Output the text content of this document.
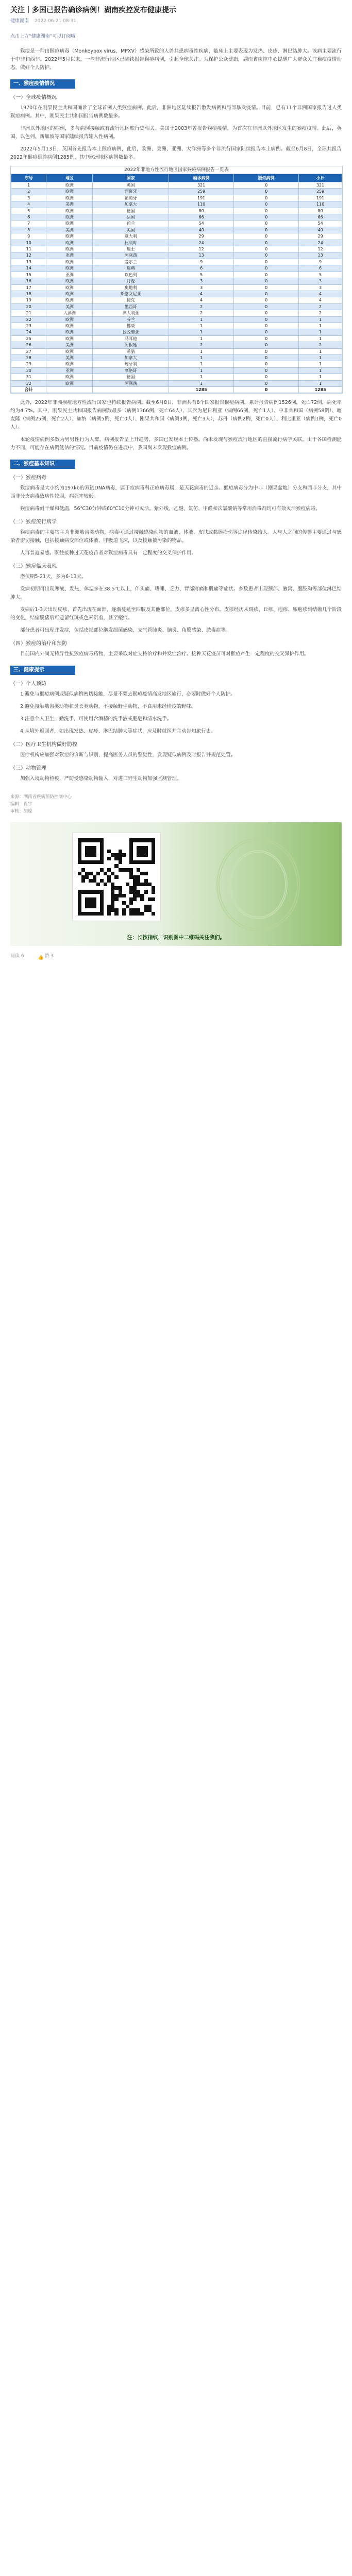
关注丨多国已报告确诊病例！湖南疾控发布健康提示
健康湖南 2022-06-21 08:31
点击上方“健康湖南”可以订阅哦
猴痘是一种由猴痘病毒（Monkeypox virus，MPXV）感染所致的人兽共患病毒性疾病，临床上主要表现为发热、皮疹、淋巴结肿大。该病主要流行于中非和西非。2022年5月以来，一些非流行地区已陆续报告猴痘病例，引起全球关注。为保护公众健康，湖南省疾控中心提醒广大群众关注猴痘疫情动态，做好个人防护。
一、猴痘疫情情况
（一）全球疫情概况
1970年在刚果民主共和国确诊了全球首例人类猴痘病例。此后，非洲地区陆续报告散发病例和局部暴发疫情。目前，已有11个非洲国家报告过人类猴痘病例。其中，刚果民主共和国报告病例数最多。
非洲以外地区的病例，多与病例接触或有流行地区旅行史相关。美国于2003年曾报告猴痘疫情，为首次在非洲以外地区发生的猴痘疫情。此后，英国、以色列、新加坡等国家陆续报告输入性病例。
2022年5月13日，英国首先报告本土猴痘病例，此后，欧洲、美洲、亚洲、大洋洲等多个非流行国家陆续报告本土病例。截至6月8日，全球共报告2022年猴痘确诊病例1285例，其中欧洲地区病例数最多。
2022年非地方性流行地区国家猴痘病例报告一览表
序号	地区	国家	确诊病例	疑似病例	小计
1	欧洲	英国	321	0	321
2	欧洲	西班牙	259	0	259
3	欧洲	葡萄牙	191	0	191
4	美洲	加拿大	110	0	110
5	欧洲	德国	80	0	80
6	欧洲	法国	66	0	66
7	欧洲	荷兰	54	0	54
8	美洲	美国	40	0	40
9	欧洲	意大利	29	0	29
10	欧洲	比利时	24	0	24
11	欧洲	瑞士	12	0	12
12	亚洲	阿联酋	13	0	13
13	欧洲	爱尔兰	9	0	9
14	欧洲	瑞典	6	0	6
15	亚洲	以色列	5	0	5
16	欧洲	丹麦	3	0	3
17	欧洲	奥地利	3	0	3
18	欧洲	斯洛文尼亚	4	0	4
19	欧洲	捷克	4	0	4
20	美洲	墨西哥	2	0	2
21	大洋洲	澳大利亚	2	0	2
22	欧洲	芬兰	1	0	1
23	欧洲	挪威	1	0	1
24	欧洲	拉脱维亚	1	0	1
25	欧洲	马耳他	1	0	1
26	美洲	阿根廷	2	0	2
27	欧洲	希腊	1	0	1
28	美洲	加拿大	1	0	1
29	欧洲	匈牙利	1	0	1
30	亚洲	摩洛哥	1	0	1
31	欧洲	德国	1	0	1
32	欧洲	阿联酋	1	0	1
合计			1285	0	1285
此外，2022年非洲猴痘地方性流行国家也持续报告病例。截至6月8日，非洲共有8个国家报告猴痘病例，累计报告病例1526例，死亡72例，病死率约为4.7%。其中，刚果民主共和国报告病例数最多（病例1366例，死亡64人），其次为尼日利亚（病例66例，死亡1人）、中非共和国（病例58例）、喀麦隆（病例25例，死亡2人）、加纳（病例5例，死亡0人）、刚果共和国（病例3例，死亡3人），苏丹（病例2例，死亡0人）、利比里亚（病例1例，死亡0人）。
本轮疫情病例多数为男男性行为人群，病例报告呈上升趋势，多国已发现本土传播。尚未发现与猴痘流行地区的直接流行病学关联。由于各国检测能力不同，可能存在病例低估的情况。目前疫情仍在进展中，我国尚未发现猴痘病例。
二、猴痘基本知识
（一）猴痘病毒
猴痘病毒是大小约为197kb的双链DNA病毒，属于痘病毒科正痘病毒属，是天花病毒的近亲。猴痘病毒分为中非（刚果盆地）分支和西非分支，其中西非分支病毒致病性较弱，病死率较低。
猴痘病毒耐干燥和低温，56℃30分钟或60℃10分钟可灭活。紫外线、乙醚、氯仿、甲醛和次氯酸钠等常用消毒剂均可有效灭活猴痘病毒。
（二）猴痘流行病学
猴痘病毒的主要宿主为非洲啮齿类动物，病毒可通过接触感染动物的血液、体液、皮肤或黏膜损伤等途径传染给人。人与人之间的传播主要通过与感染者密切接触，包括接触病变部位或体液、呼吸道飞沫，以及接触被污染的物品。
人群普遍易感。既往接种过天花疫苗者对猴痘病毒具有一定程度的交叉保护作用。
（三）猴痘临床表现
潜伏期5-21天，多为6-13天。
发病初期可出现寒战、发热，体温多在38.5℃以上，伴头痛、嗜睡、乏力、背部疼痛和肌痛等症状。多数患者出现颈部、腋窝、腹股沟等部位淋巴结肿大。
发病后1-3天出现皮疹，首先出现在面部，逐渐蔓延至四肢及其他部位，皮疹多呈离心性分布。皮疹经历从斑疹、丘疹、疱疹、脓疱疹到结痂几个阶段的变化，结痂脱落后可遗留红斑或色素沉着，甚至瘢痕。
部分患者可出现并发症，包括皮损部位继发细菌感染、支气管肺炎、脑炎、角膜感染、脓毒症等。
（四）猴痘的治疗和预防
目前国内外尚无特异性抗猴痘病毒药物，主要采取对症支持治疗和并发症治疗。接种天花疫苗可对猴痘产生一定程度的交叉保护作用。
三、健康提示
（一）个人预防
1.避免与猴痘病例或疑似病例密切接触，尽量不要去猴痘疫情高发地区旅行，必要时做好个人防护。
2.避免接触啮齿类动物和灵长类动物，不接触野生动物，不食用未经检疫的野味。
3.注意个人卫生，勤洗手，可使用含酒精的洗手液或肥皂和清水洗手。
4.从境外返回者，如出现发热、皮疹、淋巴结肿大等症状，应及时就医并主动告知旅行史。
（二）医疗卫生机构做好防控
医疗机构应加强对猴痘的诊断与识别，提高医务人员的警觉性，发现疑似病例及时报告并规范处置。
（三）动物管理
加强入境动物检疫，严防受感染动物输入，对进口野生动物加强监测管理。
来源：湖南省疾病预防控制中心
编辑：肖宇
审核：胡琼
注：长按指纹，识别图中二维码关注我们。
阅读 6	👍 赞 3
